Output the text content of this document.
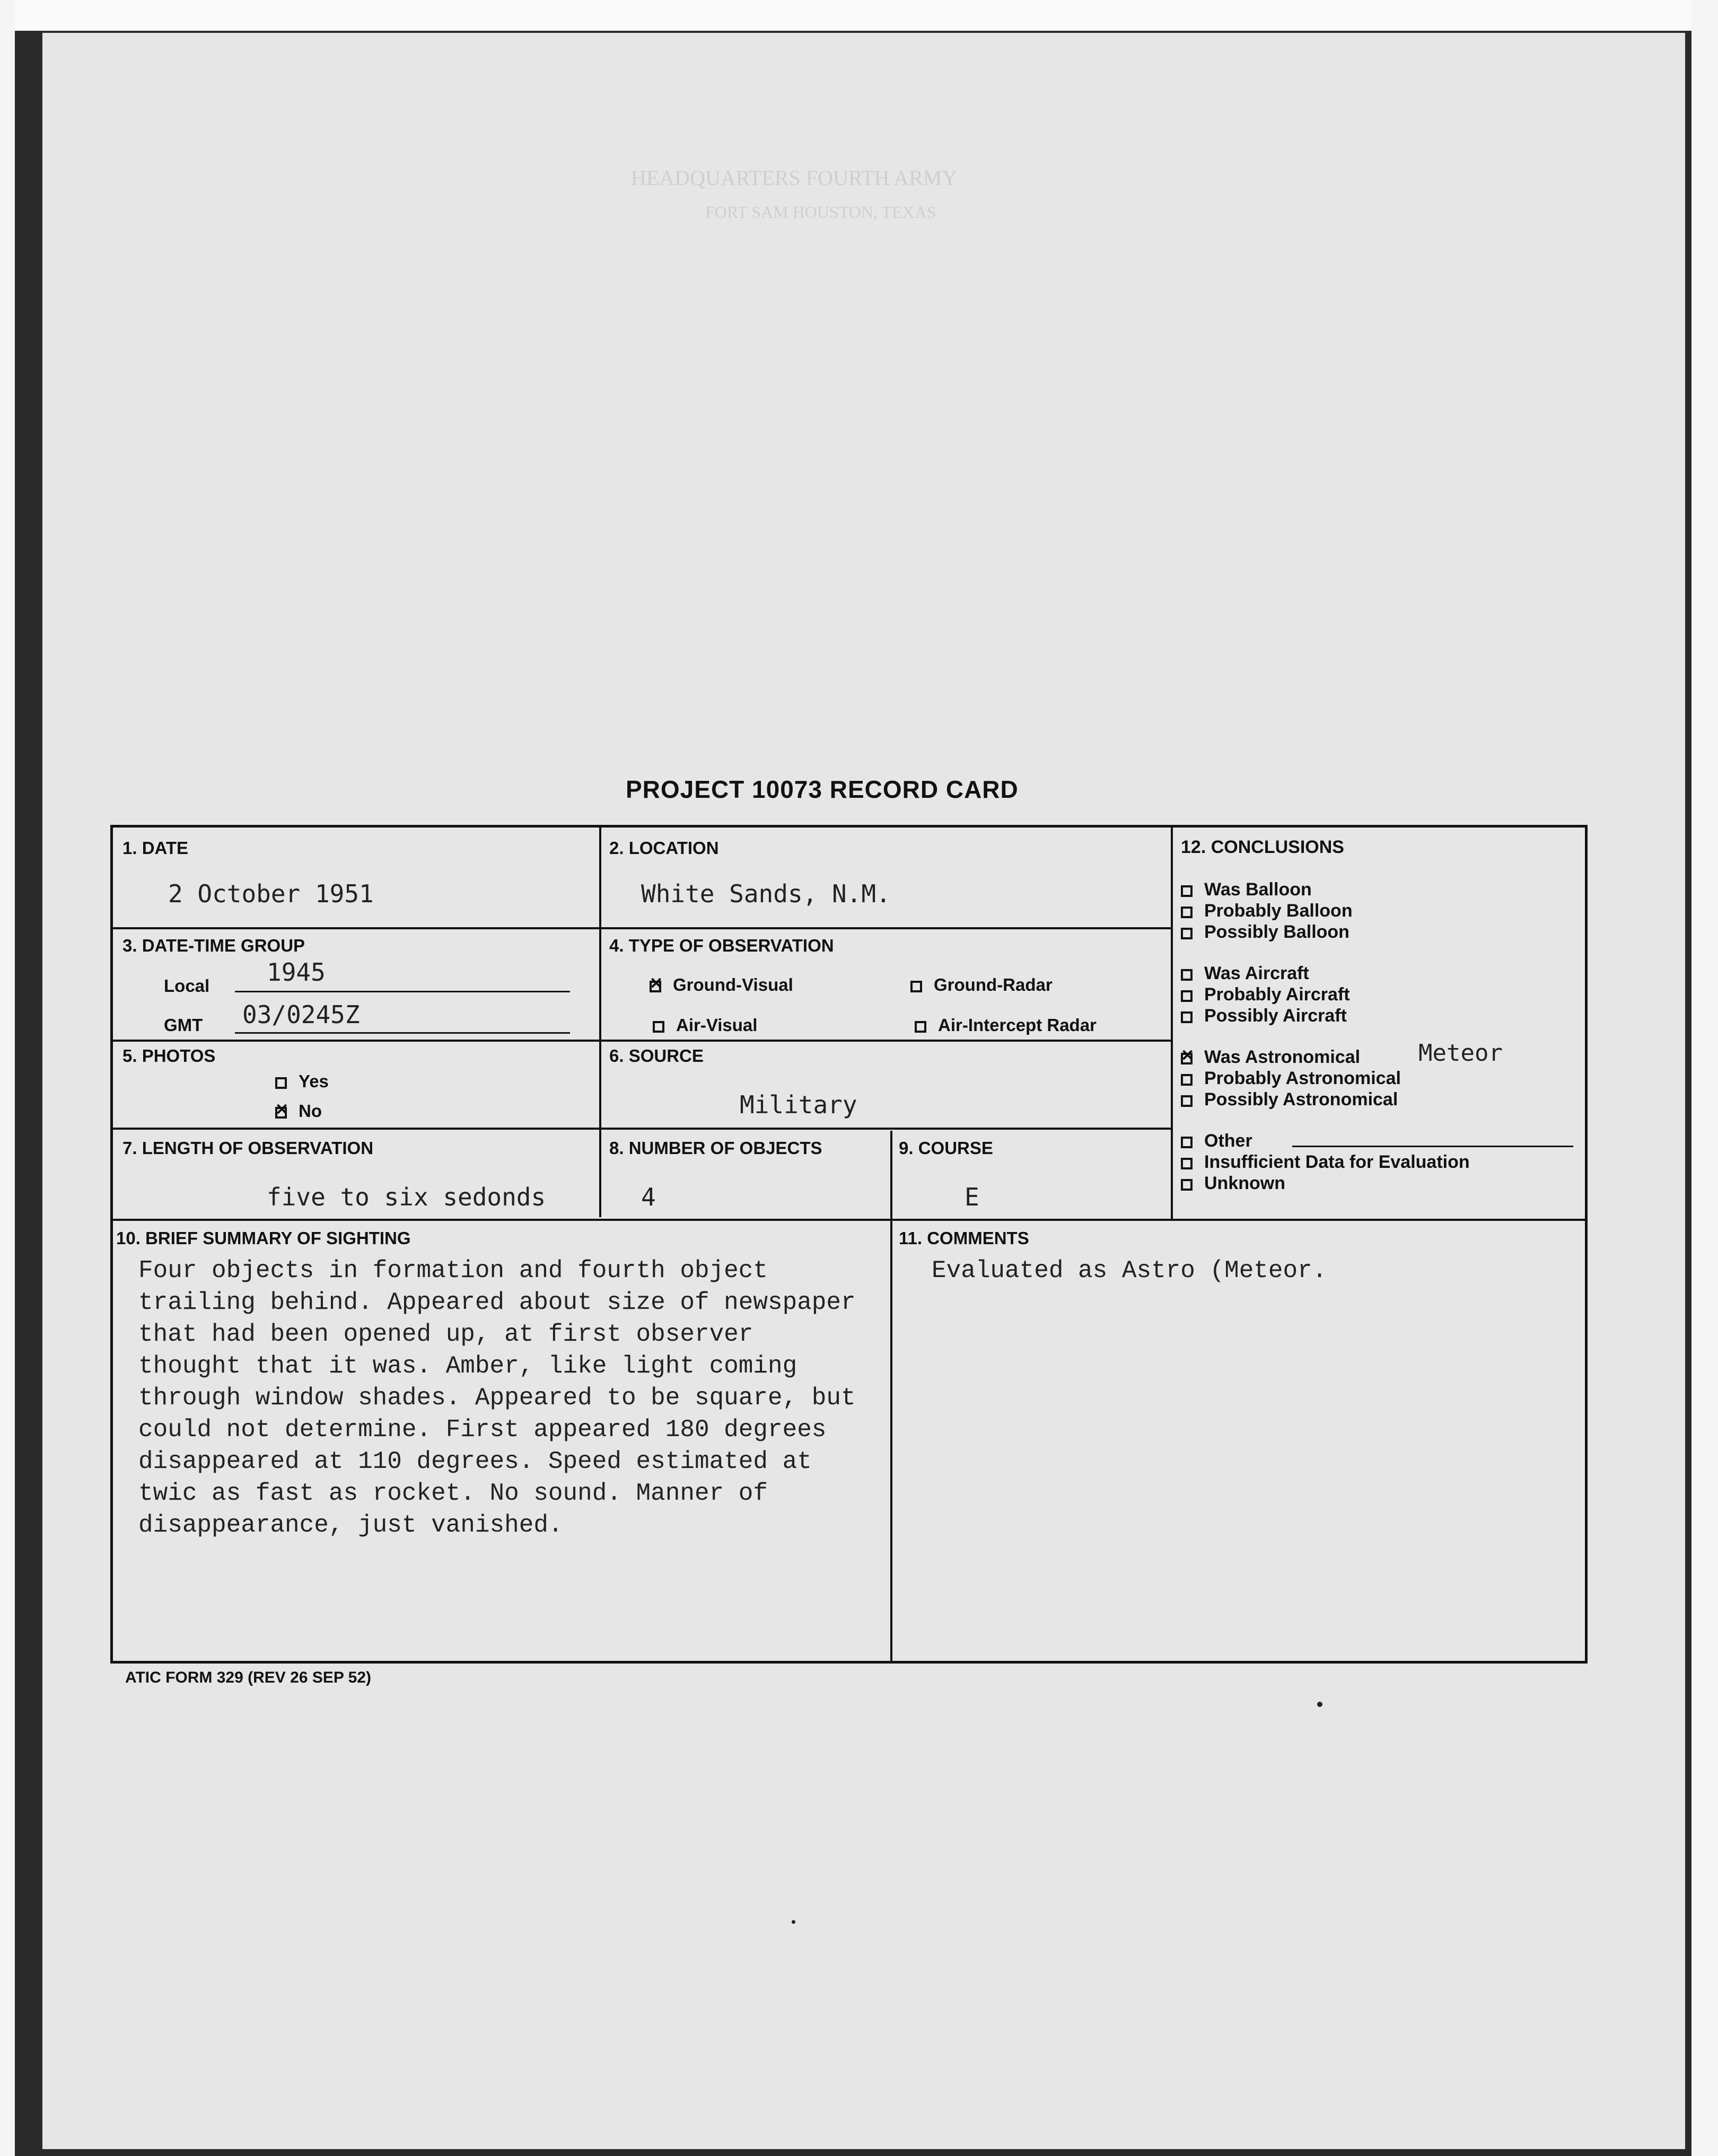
HEADQUARTERS FOURTH ARMY
FORT SAM HOUSTON, TEXAS
PROJECT 10073 RECORD CARD
1. DATE
2 October 1951
2. LOCATION
White Sands, N.M.
3. DATE-TIME GROUP
Local 1945
GMT 03/0245Z
4. TYPE OF OBSERVATION
✕Ground-Visual	Ground-Radar
Air-Visual	Air-Intercept Radar
5. PHOTOS
Yes
✕No
6. SOURCE
Military
7. LENGTH OF OBSERVATION
five to six sedonds
8. NUMBER OF OBJECTS
4
9. COURSE
E
10. BRIEF SUMMARY OF SIGHTING
Four objects in formation and fourth object
trailing behind. Appeared about size of newspaper
that had been opened up, at first observer
thought that it was. Amber, like light coming
through window shades. Appeared to be square, but
could not determine. First appeared 180 degrees
disappeared at 110 degrees. Speed estimated at
twic as fast as rocket. No sound. Manner of
disappearance, just vanished.
11. COMMENTS
Evaluated as Astro (Meteor.
12. CONCLUSIONS
Was Balloon
Probably Balloon
Possibly Balloon
Was Aircraft
Probably Aircraft
Possibly Aircraft
✕Was Astronomical Meteor
Probably Astronomical
Possibly Astronomical
Other
Insufficient Data for Evaluation
Unknown
ATIC FORM 329 (REV 26 SEP 52)
